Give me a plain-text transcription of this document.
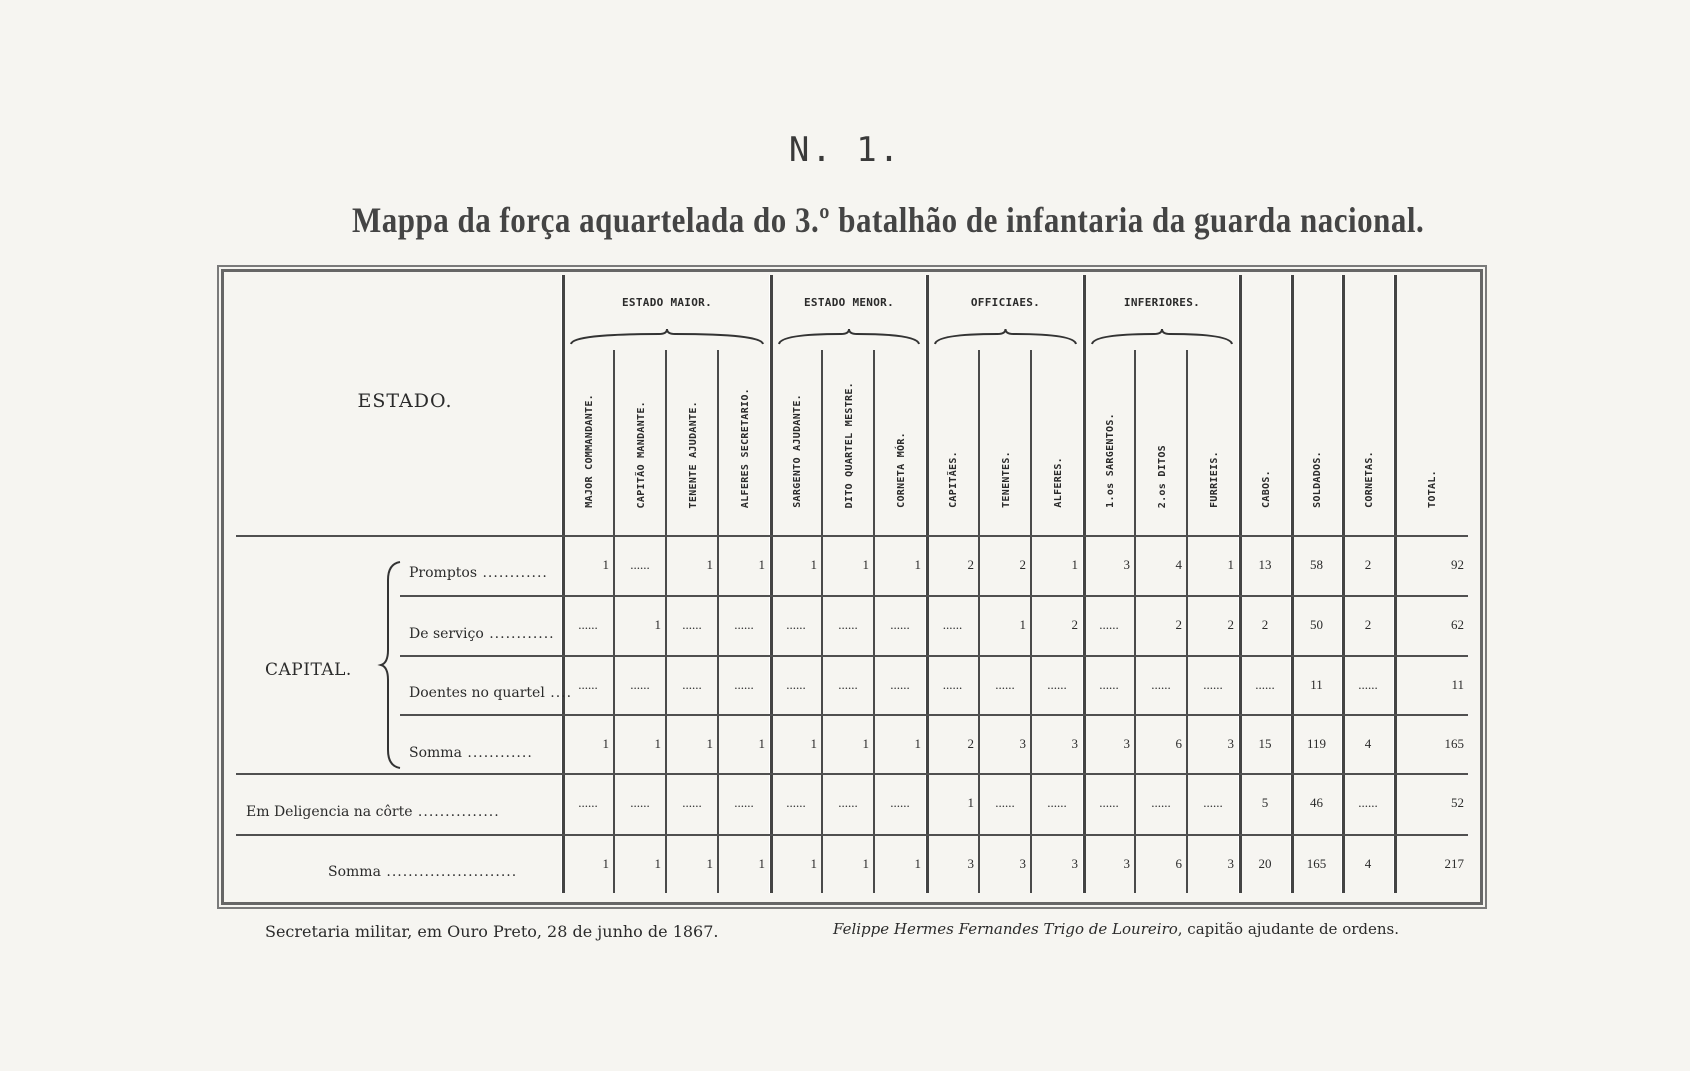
N. 1.
Mappa da força aquartelada do 3.º batalhão de infantaria da guarda nacional.
ESTADO.
ESTADO MAIOR.	ESTADO MENOR.	OFFICIAES.	INFERIORES.
MAJOR COMMANDANTE.	CAPITÃO MANDANTE.	TENENTE AJUDANTE.	ALFERES SECRETARIO.	SARGENTO AJUDANTE.	DITO QUARTEL MESTRE.	CORNETA MÓR.	CAPITÃES.	TENENTES.	ALFERES.	1.os SARGENTOS.	2.os DITOS	FURRIEIS.	CABOS.	SOLDADOS.	CORNETAS.	TOTAL.
Promptos ............
1	......	1	1	1	1	1	2	2	1	3	4	1	13	58	2	92
De serviço ............
......	1	......	......	......	......	......	......	1	2	......	2	2	2	50	2	62
Doentes no quartel ....
......	......	......	......	......	......	......	......	......	......	......	......	......	......	11	......	11
Somma ............
1	1	1	1	1	1	1	2	3	3	3	6	3	15	119	4	165
Em Deligencia na côrte ...............
......	......	......	......	......	......	......	1	......	......	......	......	......	5	46	......	52
Somma ........................
1	1	1	1	1	1	1	3	3	3	3	6	3	20	165	4	217
CAPITAL.
Secretaria militar, em Ouro Preto, 28 de junho de 1867.	Felippe Hermes Fernandes Trigo de Loureiro, capitão ajudante de ordens.
